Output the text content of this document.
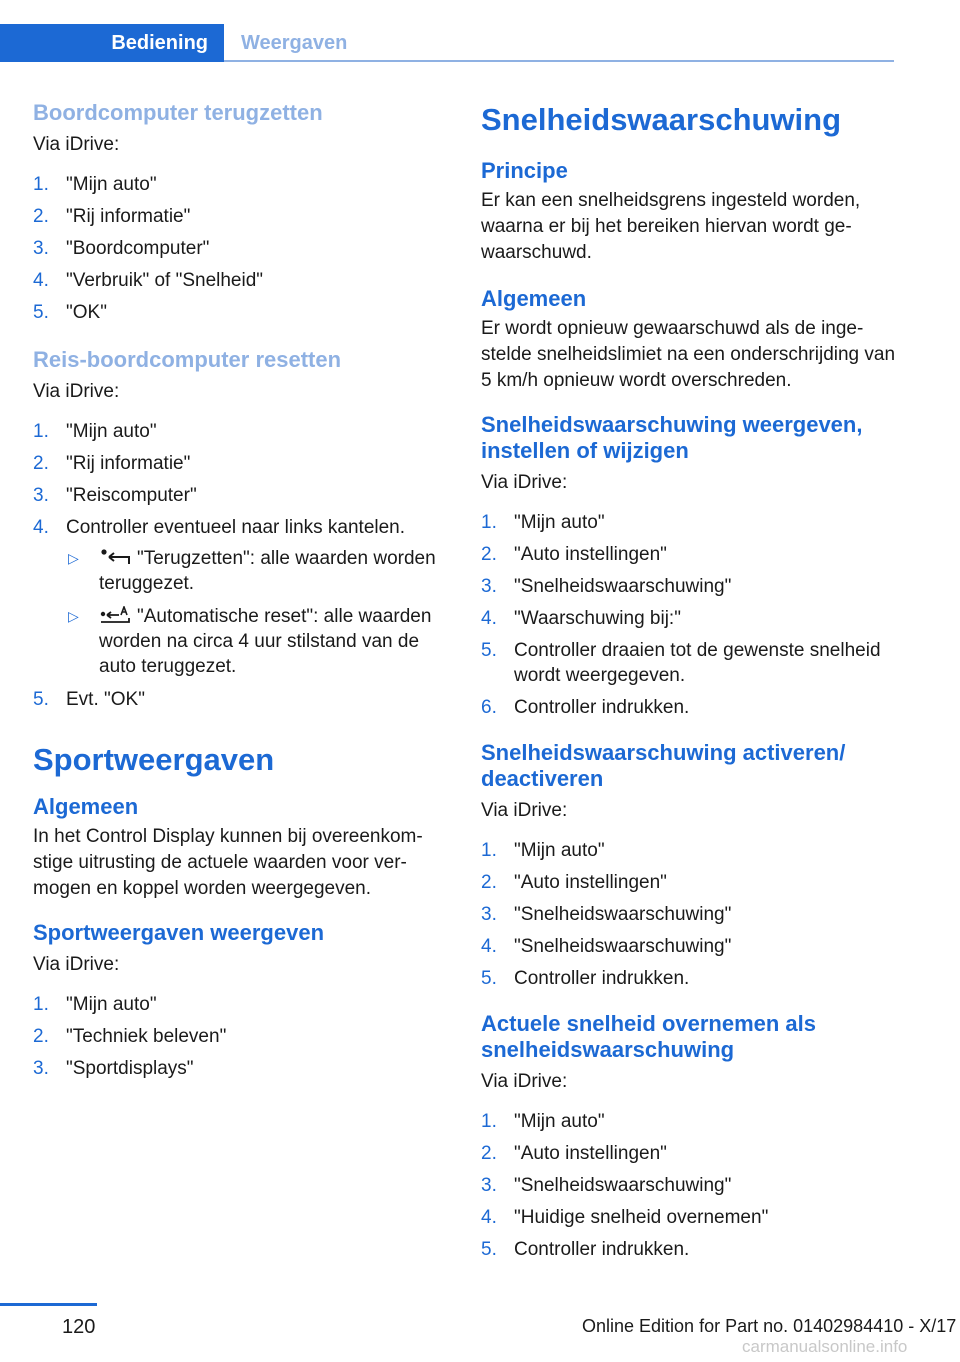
Bediening	Weergaven
Boordcomputer terugzetten

Via iDrive:

1. "Mijn auto"
2. "Rij informatie"
3. "Boordcomputer"
4. "Verbruik" of "Snelheid"
5. "OK"
Reis-boordcomputer resetten

Via iDrive:

1. "Mijn auto"
2. "Rij informatie"
3. "Reiscomputer"
4. Controller eventueel naar links kantelen.
▷	"Terugzetten": alle waarden worden teruggezet.
▷	"Automatische reset": alle waarden worden na circa 4 uur stilstand van de auto teruggezet.
5. Evt. "OK"
Sportweergaven
Algemeen

In het Control Display kunnen bij overeenkomstige uitrusting de actuele waarden voor vermogen en koppel worden weergegeven.

Sportweergaven weergeven

Via iDrive:

1. "Mijn auto"
2. "Techniek beleven"
3. "Sportdisplays"
Snelheidswaarschuwing
Principe

Er kan een snelheidsgrens ingesteld worden, waarna er bij het bereiken hiervan wordt gewaarschuwd.

Algemeen

Er wordt opnieuw gewaarschuwd als de ingestelde snelheidslimiet na een onderschrijding van 5 km/h opnieuw wordt overschreden.

Snelheidswaarschuwing weergeven, instellen of wijzigen

Via iDrive:

1. "Mijn auto"
2. "Auto instellingen"
3. "Snelheidswaarschuwing"
4. "Waarschuwing bij:"
5. Controller draaien tot de gewenste snelheid wordt weergegeven.
6. Controller indrukken.
Snelheidswaarschuwing activeren/ deactiveren

Via iDrive:

1. "Mijn auto"
2. "Auto instellingen"
3. "Snelheidswaarschuwing"
4. "Snelheidswaarschuwing"
5. Controller indrukken.
Actuele snelheid overnemen als snelheidswaarschuwing

Via iDrive:

1. "Mijn auto"
2. "Auto instellingen"
3. "Snelheidswaarschuwing"
4. "Huidige snelheid overnemen"
5. Controller indrukken.
120	Online Edition for Part no. 01402984410 - X/17
carmanualsonline.info
